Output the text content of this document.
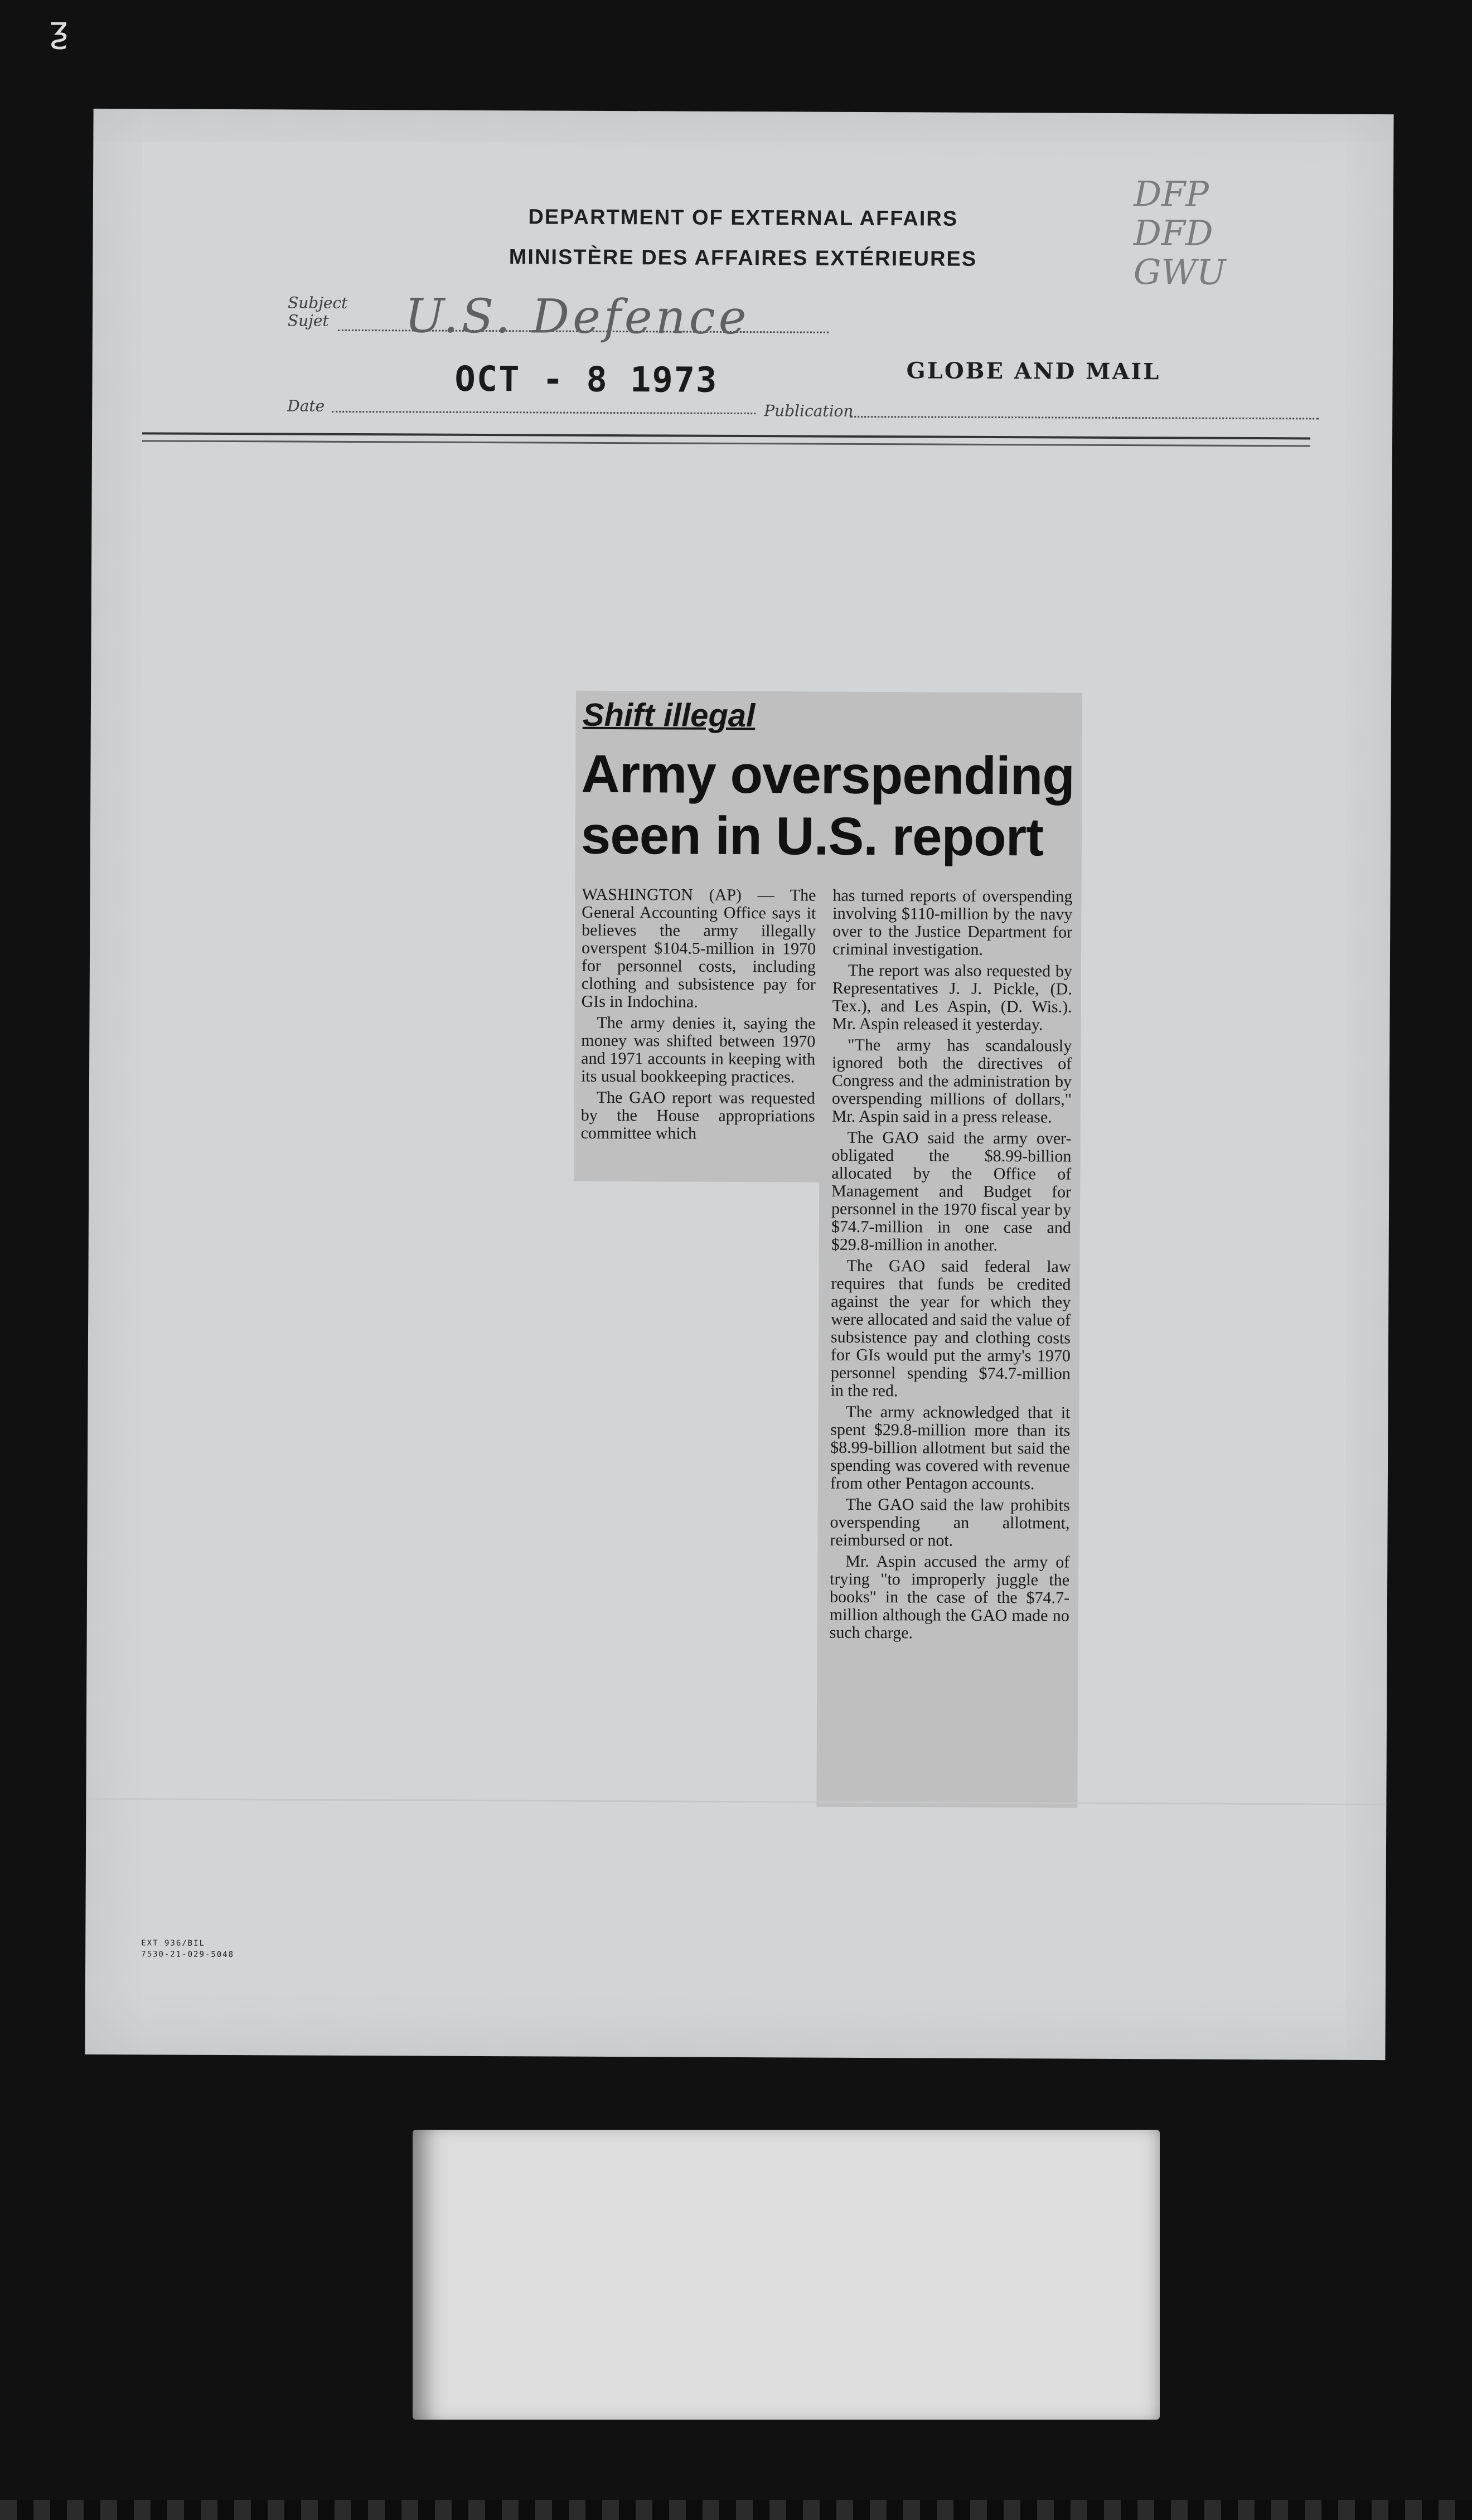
ƺ
DEPARTMENT OF EXTERNAL AFFAIRS
MINISTÈRE DES AFFAIRES EXTÉRIEURES
DFP
DFD
GWU
Subject
Sujet U.S. Defence
OCT - 8 1973	GLOBE AND MAIL
Date	Publication
Shift illegal
Army overspending seen in U.S. report

WASHINGTON (AP) — The General Accounting Office says it believes the army illegally overspent $104.5-million in 1970 for personnel costs, including clothing and subsistence pay for GIs in Indochina.

The army denies it, saying the money was shifted between 1970 and 1971 accounts in keeping with its usual bookkeeping practices.

The GAO report was requested by the House appropriations committee which

has turned reports of overspending involving $110-million by the navy over to the Justice Department for criminal investigation.

The report was also requested by Representatives J. J. Pickle, (D. Tex.), and Les Aspin, (D. Wis.). Mr. Aspin released it yesterday.

"The army has scandalously ignored both the directives of Congress and the administration by overspending millions of dollars," Mr. Aspin said in a press release.

The GAO said the army over-obligated the $8.99-billion allocated by the Office of Management and Budget for personnel in the 1970 fiscal year by $74.7-million in one case and $29.8-million in another.

The GAO said federal law requires that funds be credited against the year for which they were allocated and said the value of subsistence pay and clothing costs for GIs would put the army's 1970 personnel spending $74.7-million in the red.

The army acknowledged that it spent $29.8-million more than its $8.99-billion allotment but said the spending was covered with revenue from other Pentagon accounts.

The GAO said the law prohibits overspending an allotment, reimbursed or not.

Mr. Aspin accused the army of trying "to improperly juggle the books" in the case of the $74.7-million although the GAO made no such charge.

EXT 936/BIL
7530-21-029-5048
